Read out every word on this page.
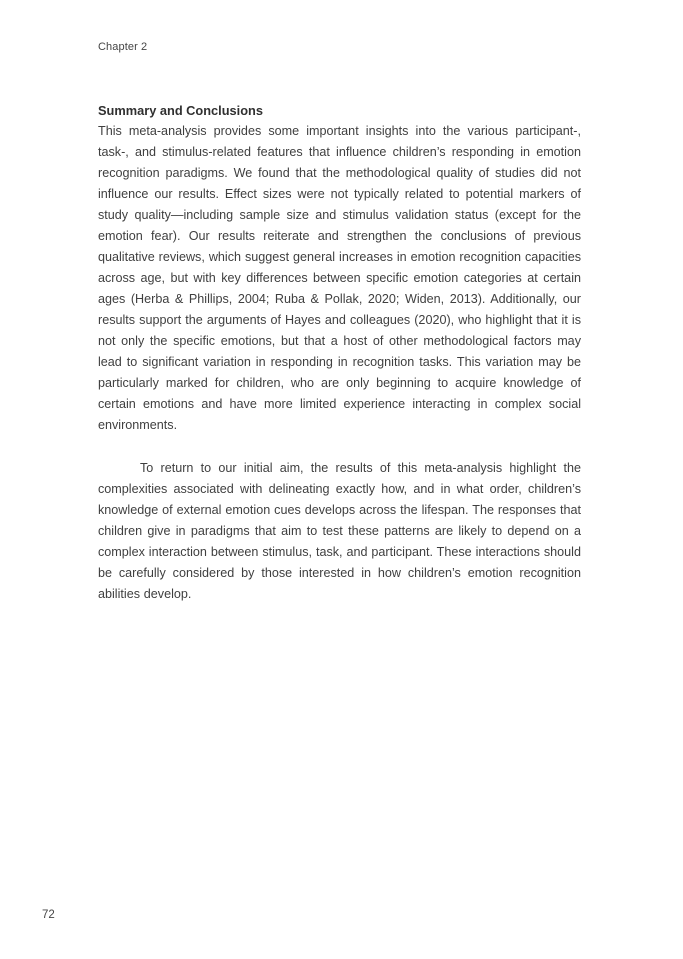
Chapter 2
Summary and Conclusions

This meta-analysis provides some important insights into the various participant-, task-, and stimulus-related features that influence children’s responding in emotion recognition paradigms. We found that the methodological quality of studies did not influence our results. Effect sizes were not typically related to potential markers of study quality—including sample size and stimulus validation status (except for the emotion fear). Our results reiterate and strengthen the conclusions of previous qualitative reviews, which suggest general increases in emotion recognition capacities across age, but with key differences between specific emotion categories at certain ages (Herba & Phillips, 2004; Ruba & Pollak, 2020; Widen, 2013). Additionally, our results support the arguments of Hayes and colleagues (2020), who highlight that it is not only the specific emotions, but that a host of other methodological factors may lead to significant variation in responding in recognition tasks. This variation may be particularly marked for children, who are only beginning to acquire knowledge of certain emotions and have more limited experience interacting in complex social environments.

To return to our initial aim, the results of this meta-analysis highlight the complexities associated with delineating exactly how, and in what order, children’s knowledge of external emotion cues develops across the lifespan. The responses that children give in paradigms that aim to test these patterns are likely to depend on a complex interaction between stimulus, task, and participant. These interactions should be carefully considered by those interested in how children’s emotion recognition abilities develop.

72
